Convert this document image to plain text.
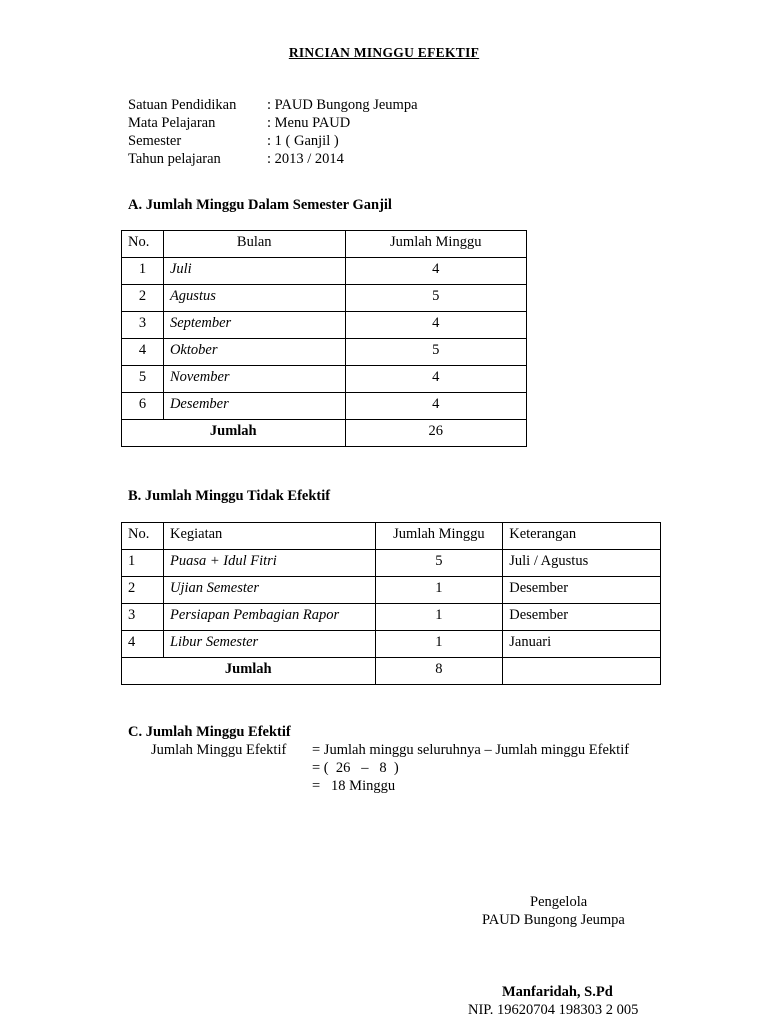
RINCIAN MINGGU EFEKTIF
Satuan Pendidikan : PAUD Bungong Jeumpa
Mata Pelajaran	: Menu PAUD
Semester	: 1 ( Ganjil )
Tahun pelajaran	: 2013 / 2014
A. Jumlah Minggu Dalam Semester Ganjil
No.	Bulan	Jumlah Minggu
1	Juli	4
2	Agustus	5
3	September	4
4	Oktober	5
5	November	4
6	Desember	4
Jumlah		26
B. Jumlah Minggu Tidak Efektif
No.	Kegiatan	Jumlah Minggu	Keterangan
1	Puasa + Idul Fitri	5	Juli / Agustus
2	Ujian Semester	1	Desember
3	Persiapan Pembagian Rapor	1	Desember
4	Libur Semester	1	Januari
Jumlah		8	
C. Jumlah Minggu Efektif
Jumlah Minggu Efektif = Jumlah minggu seluruhnya – Jumlah minggu Efektif
= (  26   –   8  )
=   18 Minggu
Pengelola
PAUD Bungong Jeumpa
Manfaridah, S.Pd
NIP. 19620704 198303 2 005
